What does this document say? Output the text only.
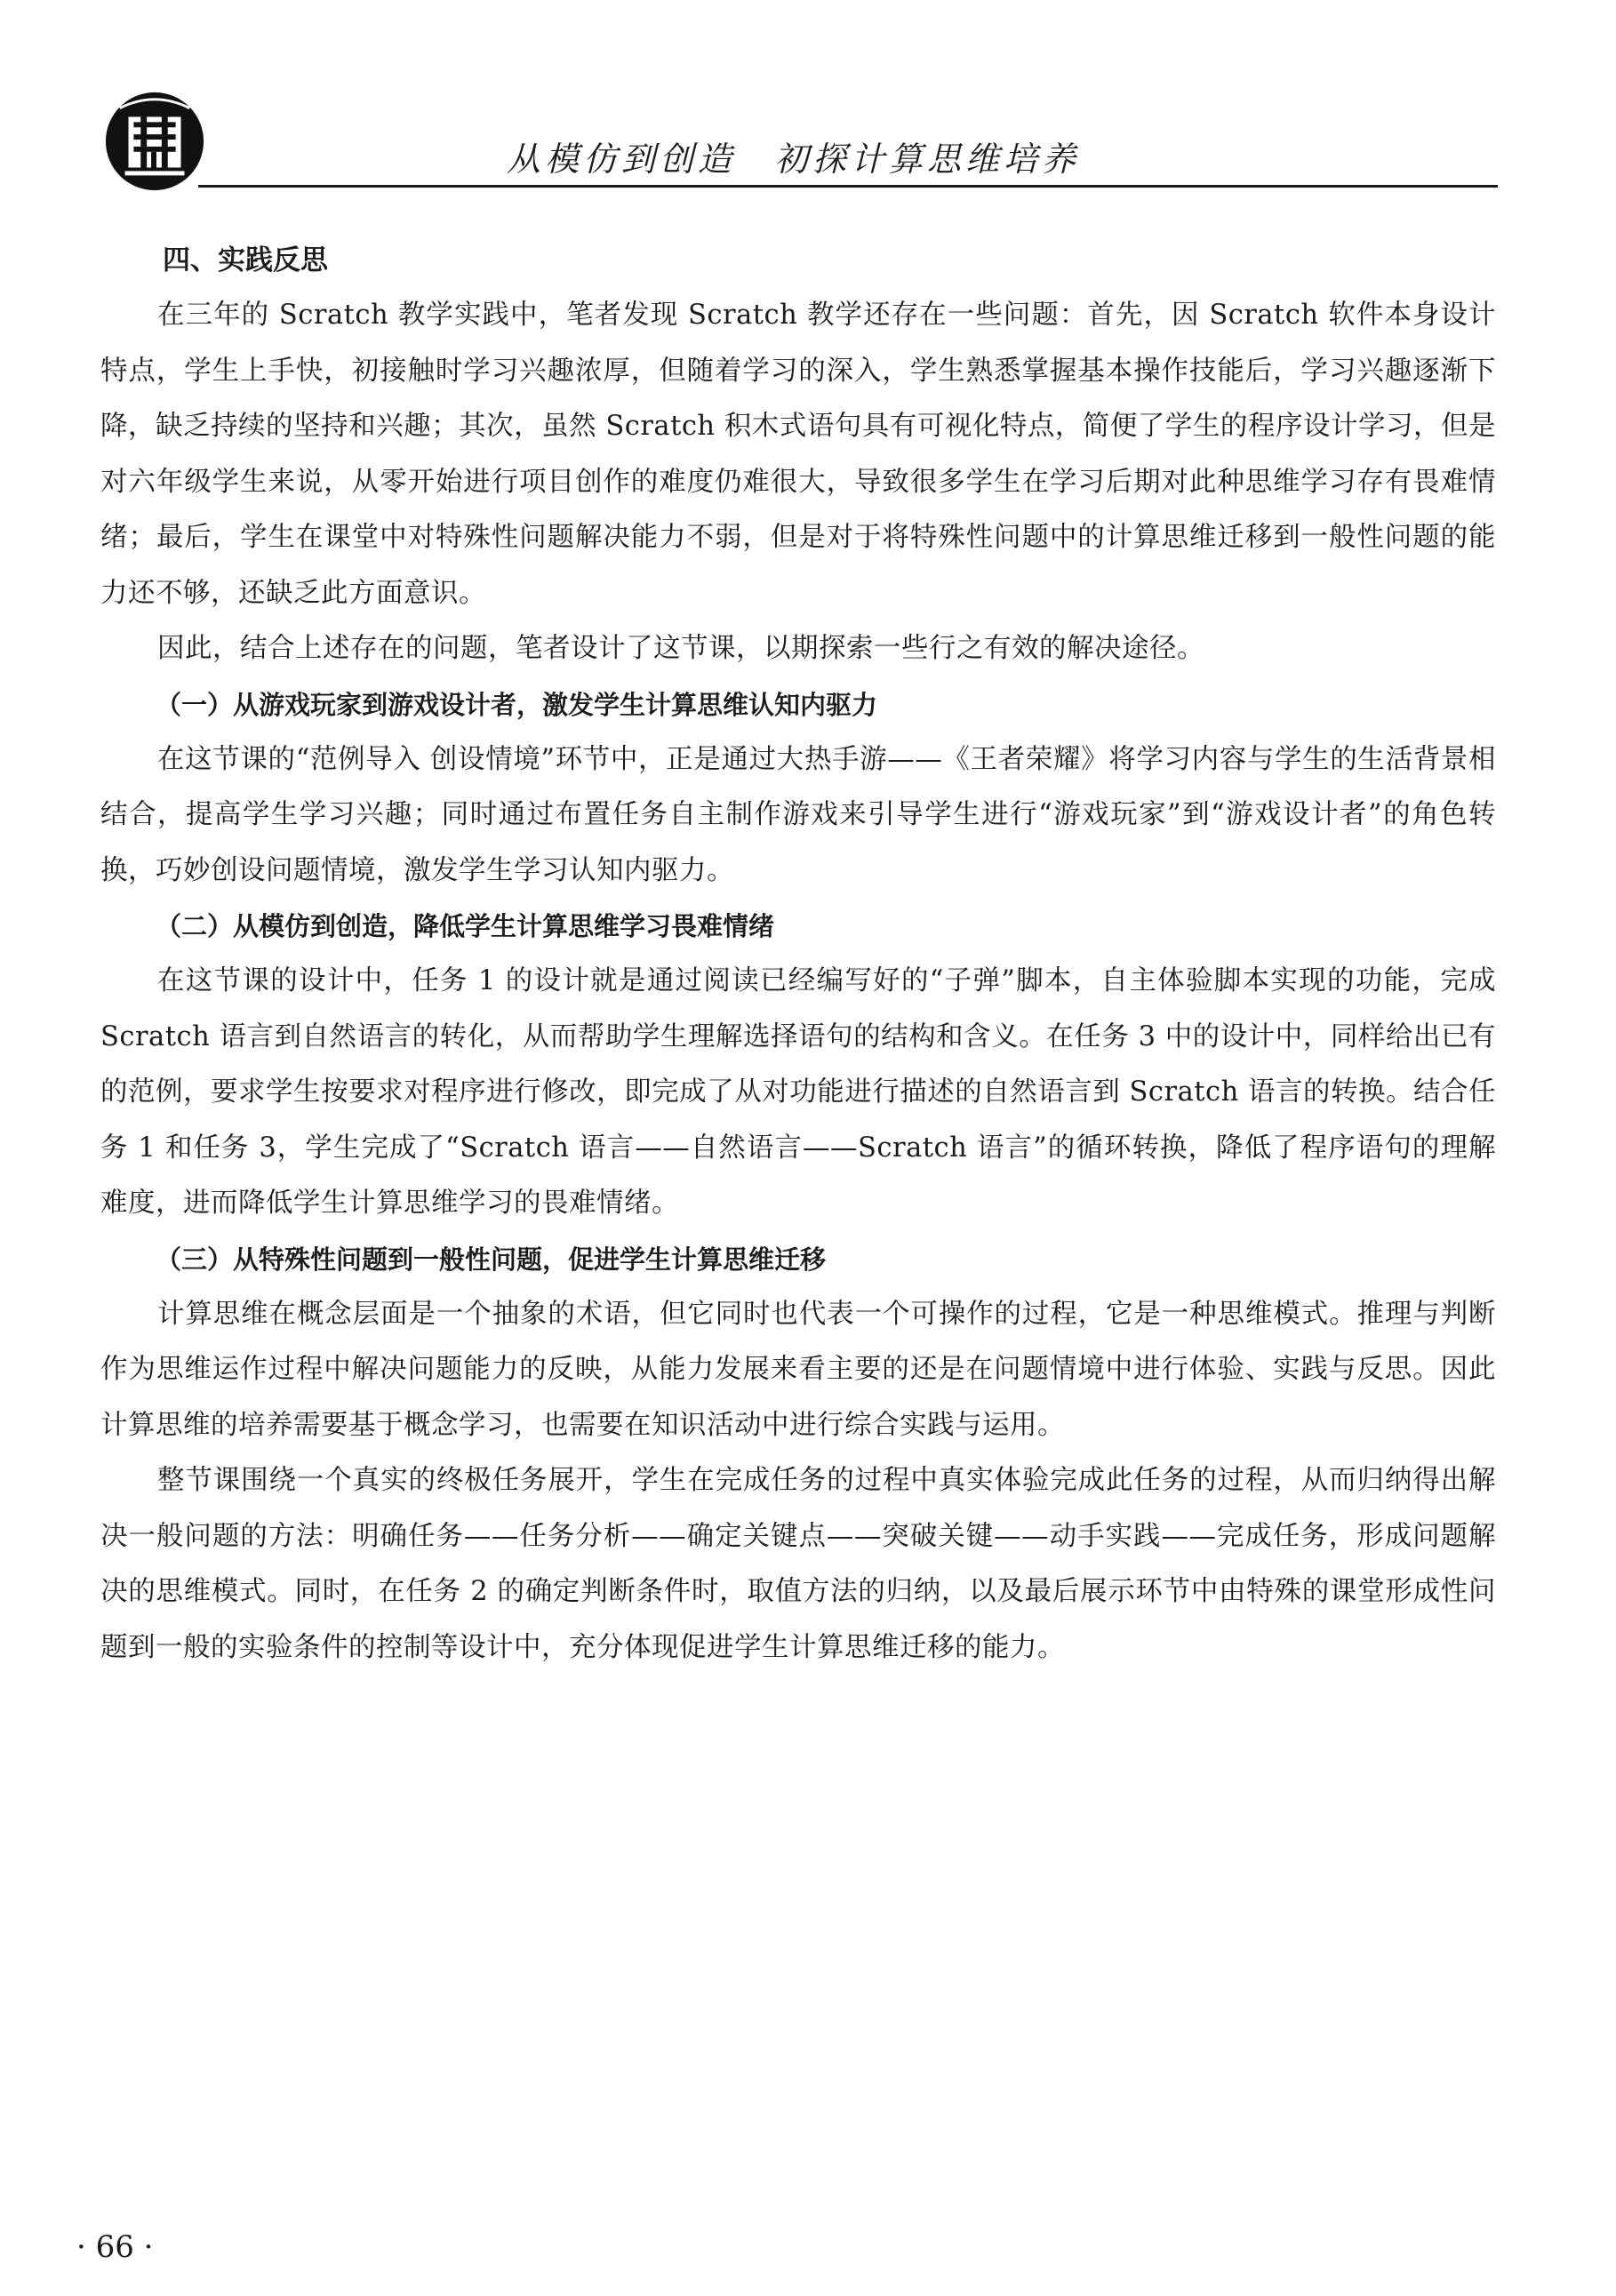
从模仿到创造　初探计算思维培养

四、实践反思

在三年的 Scratch 教学实践中，笔者发现 Scratch 教学还存在一些问题：首先，因 Scratch 软件本身设计特点，学生上手快，初接触时学习兴趣浓厚，但随着学习的深入，学生熟悉掌握基本操作技能后，学习兴趣逐渐下降，缺乏持续的坚持和兴趣；其次，虽然 Scratch 积木式语句具有可视化特点，简便了学生的程序设计学习，但是对六年级学生来说，从零开始进行项目创作的难度仍难很大，导致很多学生在学习后期对此种思维学习存有畏难情绪；最后，学生在课堂中对特殊性问题解决能力不弱，但是对于将特殊性问题中的计算思维迁移到一般性问题的能力还不够，还缺乏此方面意识。

因此，结合上述存在的问题，笔者设计了这节课，以期探索一些行之有效的解决途径。

（一）从游戏玩家到游戏设计者，激发学生计算思维认知内驱力

在这节课的“范例导入 创设情境”环节中，正是通过大热手游——《王者荣耀》将学习内容与学生的生活背景相结合，提高学生学习兴趣；同时通过布置任务自主制作游戏来引导学生进行“游戏玩家”到“游戏设计者”的角色转换，巧妙创设问题情境，激发学生学习认知内驱力。

（二）从模仿到创造，降低学生计算思维学习畏难情绪

在这节课的设计中，任务 1 的设计就是通过阅读已经编写好的“子弹”脚本，自主体验脚本实现的功能，完成 Scratch 语言到自然语言的转化，从而帮助学生理解选择语句的结构和含义。在任务 3 中的设计中，同样给出已有的范例，要求学生按要求对程序进行修改，即完成了从对功能进行描述的自然语言到 Scratch 语言的转换。结合任务 1 和任务 3，学生完成了“Scratch 语言——自然语言——Scratch 语言”的循环转换，降低了程序语句的理解难度，进而降低学生计算思维学习的畏难情绪。

（三）从特殊性问题到一般性问题，促进学生计算思维迁移

计算思维在概念层面是一个抽象的术语，但它同时也代表一个可操作的过程，它是一种思维模式。推理与判断作为思维运作过程中解决问题能力的反映，从能力发展来看主要的还是在问题情境中进行体验、实践与反思。因此计算思维的培养需要基于概念学习，也需要在知识活动中进行综合实践与运用。

整节课围绕一个真实的终极任务展开，学生在完成任务的过程中真实体验完成此任务的过程，从而归纳得出解决一般问题的方法：明确任务——任务分析——确定关键点——突破关键——动手实践——完成任务，形成问题解决的思维模式。同时，在任务 2 的确定判断条件时，取值方法的归纳，以及最后展示环节中由特殊的课堂形成性问题到一般的实验条件的控制等设计中，充分体现促进学生计算思维迁移的能力。

· 66 ·
